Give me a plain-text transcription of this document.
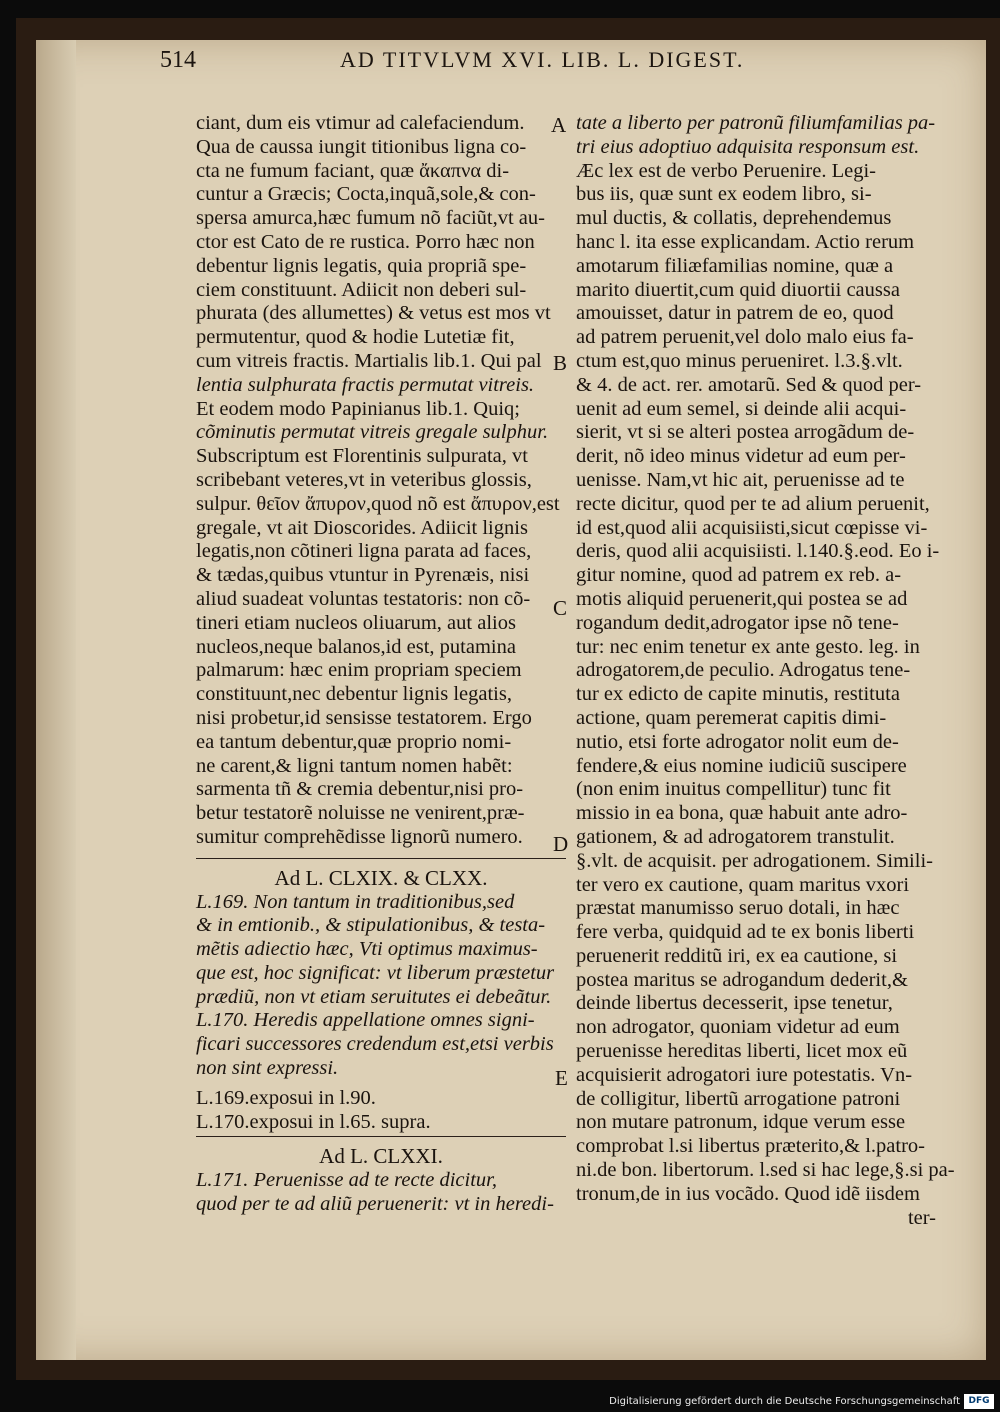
514	AD TITVLVM XVI. LIB. L. DIGEST.
A
B
C
D
E

ciant, dum eis vtimur ad calefaciendum.

Qua de caussa iungit titionibus ligna co-

cta ne fumum faciant, quæ ἄκαπνα di-

cuntur a Græcis; Cocta,inquã,sole,& con-

spersa amurca,hæc fumum nõ faciũt,vt au-

ctor est Cato de re rustica. Porro hæc non

debentur lignis legatis, quia propriã spe-

ciem constituunt. Adiicit non deberi sul-

phurata (des allumettes) & vetus est mos vt

permutentur, quod & hodie Lutetiæ fit,

cum vitreis fractis. Martialis lib.1. Qui pal

lentia sulphurata fractis permutat vitreis.

Et eodem modo Papinianus lib.1. Quiq;

cõminutis permutat vitreis gregale sulphur.

Subscriptum est Florentinis sulpurata, vt

scribebant veteres,vt in veteribus glossis,

sulpur. θεῖον ἄπυρον,quod nõ est ἄπυρον,est

gregale, vt ait Dioscorides. Adiicit lignis

legatis,non cõtineri ligna parata ad faces,

& tædas,quibus vtuntur in Pyrenæis, nisi

aliud suadeat voluntas testatoris: non cõ-

tineri etiam nucleos oliuarum, aut alios

nucleos,neque balanos,id est, putamina

palmarum: hæc enim propriam speciem

constituunt,nec debentur lignis legatis,

nisi probetur,id sensisse testatorem. Ergo

ea tantum debentur,quæ proprio nomi-

ne carent,& ligni tantum nomen habẽt:

sarmenta tñ & cremia debentur,nisi pro-

betur testatorẽ noluisse ne venirent,præ-

sumitur comprehẽdisse lignorũ numero.

Ad L. CLXIX. & CLXX.

L.169. Non tantum in traditionibus,sed

& in emtionib., & stipulationibus, & testa-

mẽtis adiectio hæc, Vti optimus maximus-

que est, hoc significat: vt liberum præstetur

prædiũ, non vt etiam seruitutes ei debeãtur.

L.170. Heredis appellatione omnes signi-

ficari successores credendum est,etsi verbis

non sint expressi.

L.169.exposui in l.90.

L.170.exposui in l.65. supra.

Ad L. CLXXI.

L.171. Peruenisse ad te recte dicitur,

quod per te ad aliũ peruenerit: vt in heredi-

tate a liberto per patronũ filiumfamilias pa-

tri eius adoptiuo adquisita responsum est.

Æc lex est de verbo Peruenire. Legi-

bus iis, quæ sunt ex eodem libro, si-

mul ductis, & collatis, deprehendemus

hanc l. ita esse explicandam. Actio rerum

amotarum filiæfamilias nomine, quæ a

marito diuertit,cum quid diuortii caussa

amouisset, datur in patrem de eo, quod

ad patrem peruenit,vel dolo malo eius fa-

ctum est,quo minus perueniret. l.3.§.vlt.

& 4. de act. rer. amotarũ. Sed & quod per-

uenit ad eum semel, si deinde alii acqui-

sierit, vt si se alteri postea arrogãdum de-

derit, nõ ideo minus videtur ad eum per-

uenisse. Nam,vt hic ait, peruenisse ad te

recte dicitur, quod per te ad alium peruenit,

id est,quod alii acquisiisti,sicut cœpisse vi-

deris, quod alii acquisiisti. l.140.§.eod. Eo i-

gitur nomine, quod ad patrem ex reb. a-

motis aliquid peruenerit,qui postea se ad

rogandum dedit,adrogator ipse nõ tene-

tur: nec enim tenetur ex ante gesto. leg. in

adrogatorem,de peculio. Adrogatus tene-

tur ex edicto de capite minutis, restituta

actione, quam peremerat capitis dimi-

nutio, etsi forte adrogator nolit eum de-

fendere,& eius nomine iudiciũ suscipere

(non enim inuitus compellitur) tunc fit

missio in ea bona, quæ habuit ante adro-

gationem, & ad adrogatorem transtulit.

§.vlt. de acquisit. per adrogationem. Simili-

ter vero ex cautione, quam maritus vxori

præstat manumisso seruo dotali, in hæc

fere verba, quidquid ad te ex bonis liberti

peruenerit redditũ iri, ex ea cautione, si

postea maritus se adrogandum dederit,&

deinde libertus decesserit, ipse tenetur,

non adrogator, quoniam videtur ad eum

peruenisse hereditas liberti, licet mox eũ

acquisierit adrogatori iure potestatis. Vn-

de colligitur, libertũ arrogatione patroni

non mutare patronum, idque verum esse

comprobat l.si libertus præterito,& l.patro-

ni.de bon. libertorum. l.sed si hac lege,§.si pa-

tronum,de in ius vocãdo. Quod idẽ iisdem

ter-

Digitalisierung gefördert durch die Deutsche Forschungsgemeinschaft DFG
